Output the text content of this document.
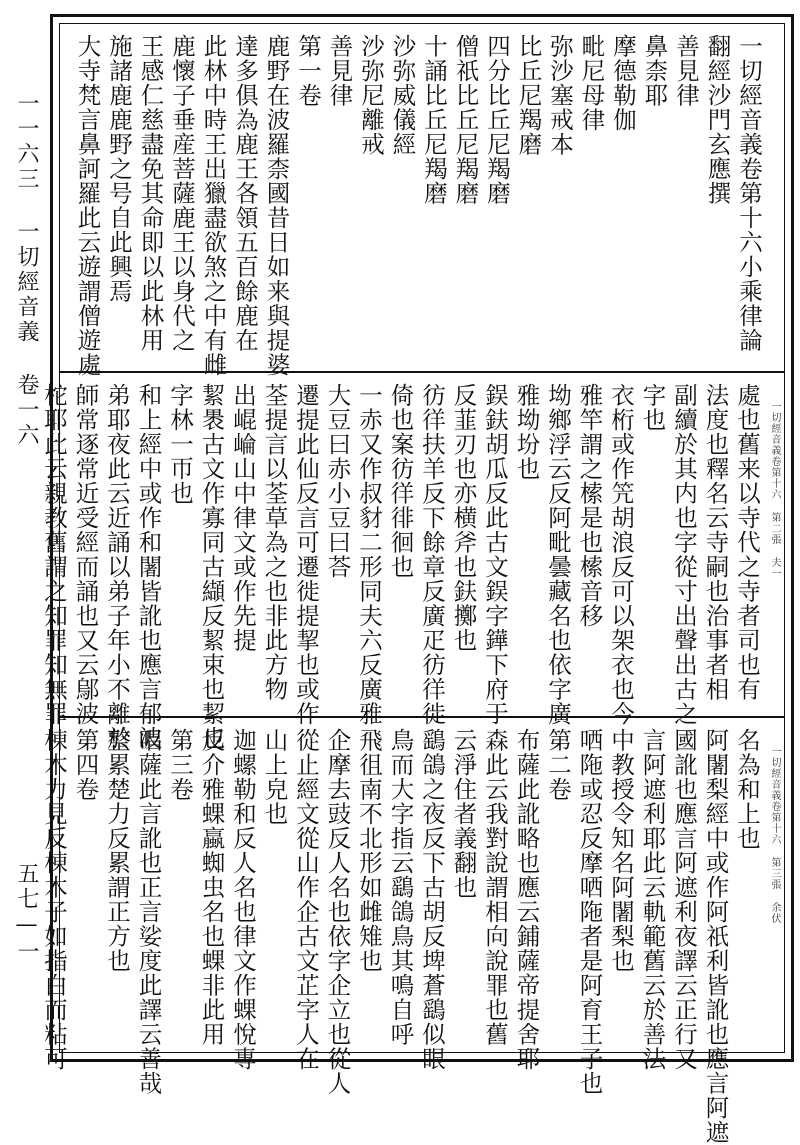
一一六三 一切經音義 卷一六
五七—一
一切經音義卷第十六小乘律論
翻經沙門玄應撰
善見律
鼻柰耶
摩德勒伽
毗尼母律
弥沙塞戒本
比丘尼羯磨
四分比丘尼羯磨
僧祇比丘尼羯磨
十誦比丘尼羯磨
沙弥威儀經
沙弥尼離戒
善見律
第一卷
鹿野在波羅柰國昔日如来與提婆
達多俱為鹿王各領五百餘鹿在
此林中時王出獵盡欲煞之中有雌
鹿懷子垂産菩薩鹿王以身代之
王感仁慈盡免其命即以此林用
施諸鹿鹿野之号自此興焉
大寺梵言鼻訶羅此云遊謂僧遊處
一切經音義卷第十六 第二張 夫一
處也舊来以寺代之寺者司也有
法度也釋名云寺嗣也治事者相
副續於其内也字從寸出聲出古之
字也
衣桁或作笐胡浪反可以架衣也今
雅竿謂之㮦是也㮦音移
坳鄉浮云反阿毗曇藏名也依字廣
雅坳坋也
鋘鈇胡瓜反此古文鋘字鏵下府于
反韮刃也亦横斧也鈇擲也
彷徉扶羊反下餘章反廣疋彷徉徙
倚也案彷徉徘徊也
一赤又作叔豺二形同夫六反廣雅
大豆曰赤小豆曰荅
遷提此仙反言可遷徙提挈也或作
荃提言以荃草為之也非此方物
出崐崘山中律文或作先提
絜褁古文作寡同古纈反絜束也絜也
字林一帀也
和上經中或作和闍皆訛也應言郁波
弟耶夜此云近誦以弟子年小不離於
師常逐常近受經而誦也又云鄔波
柁耶此云親教舊謂之知罪知無罪
一切經音義卷第十六 第三張 余伏
名為和上也
阿闍梨經中或作阿祇利皆訛也應言阿遮
國訛也應言阿遮利夜譯云正行又
言阿遮利耶此云軌範舊云於善法
中教授令知名阿闍梨也
哂陁或忍反摩哂陁者是阿育王子也
第二卷
布薩此訛略也應云鋪薩帝提舍耶
森此云我對說謂相向說罪也舊
云淨住者義翻也
鷂鴿之夜反下古胡反埤蒼鷂似眼
鳥而大字指云鷂鴿鳥其鳴自呼
飛徂南不北形如雌雉也
企摩去豉反人名也依字企立也從人
從止經文從山作企古文芷字人在
山上皃也
迦螺勒和反人名也律文作蜾悅專
反介雅蜾蠃蜘虫名也蜾非此用
第三卷
唱薩此言訛也正言娑度此譯云善哉
整累楚力反累謂正方也
第四卷
棟木力見反棟木子如指白而粘可
